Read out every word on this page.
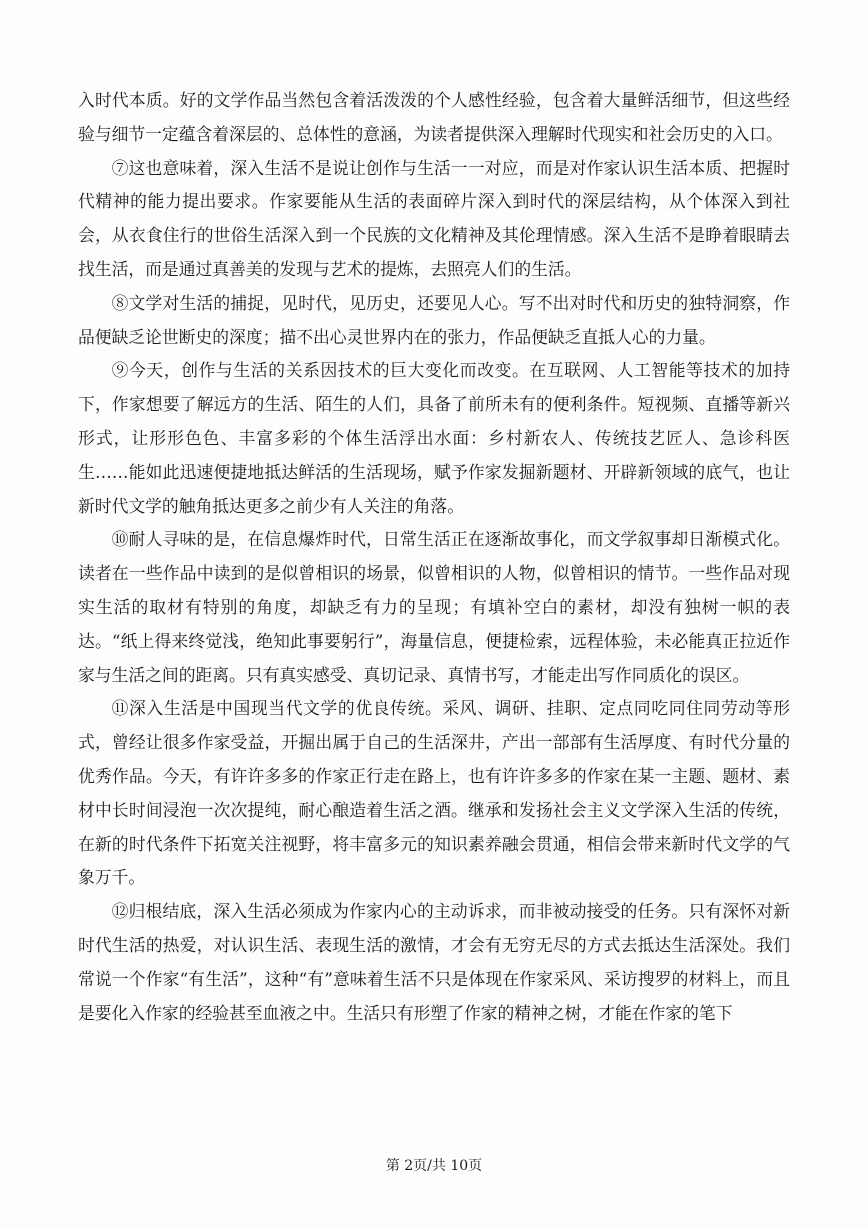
入时代本质。好的文学作品当然包含着活泼泼的个人感性经验，包含着大量鲜活细节，但这些经验与细节一定蕴含着深层的、总体性的意涵，为读者提供深入理解时代现实和社会历史的入口。

⑦这也意味着，深入生活不是说让创作与生活一一对应，而是对作家认识生活本质、把握时代精神的能力提出要求。作家要能从生活的表面碎片深入到时代的深层结构，从个体深入到社会，从衣食住行的世俗生活深入到一个民族的文化精神及其伦理情感。深入生活不是睁着眼睛去找生活，而是通过真善美的发现与艺术的提炼，去照亮人们的生活。

⑧文学对生活的捕捉，见时代，见历史，还要见人心。写不出对时代和历史的独特洞察，作品便缺乏论世断史的深度；描不出心灵世界内在的张力，作品便缺乏直抵人心的力量。

⑨今天，创作与生活的关系因技术的巨大变化而改变。在互联网、人工智能等技术的加持下，作家想要了解远方的生活、陌生的人们，具备了前所未有的便利条件。短视频、直播等新兴形式，让形形色色、丰富多彩的个体生活浮出水面：乡村新农人、传统技艺匠人、急诊科医生……能如此迅速便捷地抵达鲜活的生活现场，赋予作家发掘新题材、开辟新领域的底气，也让新时代文学的触角抵达更多之前少有人关注的角落。

⑩耐人寻味的是，在信息爆炸时代，日常生活正在逐渐故事化，而文学叙事却日渐模式化。读者在一些作品中读到的是似曾相识的场景，似曾相识的人物，似曾相识的情节。一些作品对现实生活的取材有特别的角度，却缺乏有力的呈现；有填补空白的素材，却没有独树一帜的表达。“纸上得来终觉浅，绝知此事要躬行”，海量信息，便捷检索，远程体验，未必能真正拉近作家与生活之间的距离。只有真实感受、真切记录、真情书写，才能走出写作同质化的误区。

⑪深入生活是中国现当代文学的优良传统。采风、调研、挂职、定点同吃同住同劳动等形式，曾经让很多作家受益，开掘出属于自己的生活深井，产出一部部有生活厚度、有时代分量的优秀作品。今天，有许许多多的作家正行走在路上，也有许许多多的作家在某一主题、题材、素材中长时间浸泡一次次提纯，耐心酿造着生活之酒。继承和发扬社会主义文学深入生活的传统，在新的时代条件下拓宽关注视野，将丰富多元的知识素养融会贯通，相信会带来新时代文学的气象万千。

⑫归根结底，深入生活必须成为作家内心的主动诉求，而非被动接受的任务。只有深怀对新时代生活的热爱，对认识生活、表现生活的激情，才会有无穷无尽的方式去抵达生活深处。我们常说一个作家“有生活”，这种“有”意味着生活不只是体现在作家采风、采访搜罗的材料上，而且是要化入作家的经验甚至血液之中。生活只有形塑了作家的精神之树，才能在作家的笔下

第 2页/共 10页
